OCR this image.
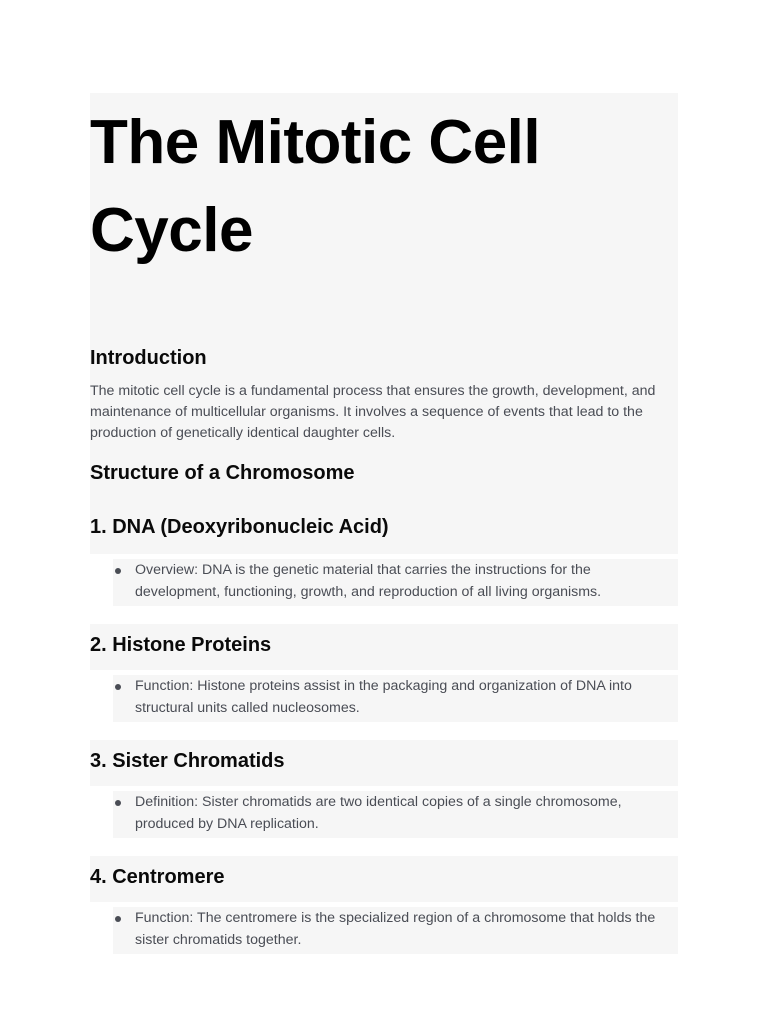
The Mitotic Cell Cycle
Introduction

The mitotic cell cycle is a fundamental process that ensures the growth, development, and maintenance of multicellular organisms. It involves a sequence of events that lead to the production of genetically identical daughter cells.

Structure of a Chromosome
1. DNA (Deoxyribonucleic Acid)
Overview: DNA is the genetic material that carries the instructions for the development, functioning, growth, and reproduction of all living organisms.
2. Histone Proteins
Function: Histone proteins assist in the packaging and organization of DNA into structural units called nucleosomes.
3. Sister Chromatids
Definition: Sister chromatids are two identical copies of a single chromosome, produced by DNA replication.
4. Centromere
Function: The centromere is the specialized region of a chromosome that holds the sister chromatids together.
